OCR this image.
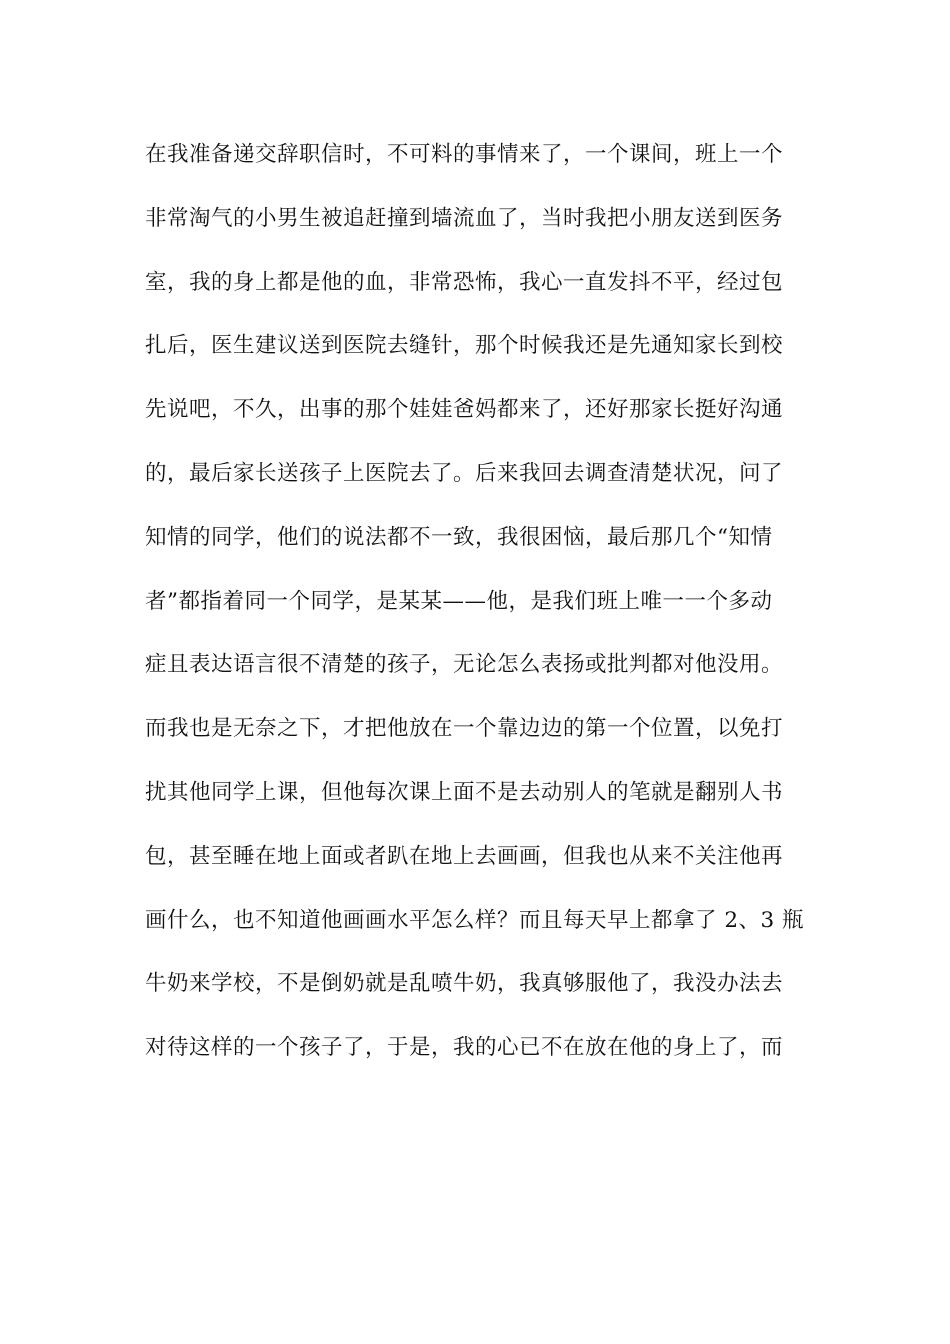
在我准备递交辞职信时，不可料的事情来了，一个课间，班上一个
非常淘气的小男生被追赶撞到墙流血了，当时我把小朋友送到医务
室，我的身上都是他的血，非常恐怖，我心一直发抖不平，经过包
扎后，医生建议送到医院去缝针，那个时候我还是先通知家长到校
先说吧，不久，出事的那个娃娃爸妈都来了，还好那家长挺好沟通
的，最后家长送孩子上医院去了。后来我回去调查清楚状况，问了
知情的同学，他们的说法都不一致，我很困恼，最后那几个“知情
者”都指着同一个同学，是某某——他，是我们班上唯一一个多动
症且表达语言很不清楚的孩子，无论怎么表扬或批判都对他没用。
而我也是无奈之下，才把他放在一个靠边边的第一个位置，以免打
扰其他同学上课，但他每次课上面不是去动别人的笔就是翻别人书
包，甚至睡在地上面或者趴在地上去画画，但我也从来不关注他再
画什么，也不知道他画画水平怎么样？而且每天早上都拿了 2、3 瓶
牛奶来学校，不是倒奶就是乱喷牛奶，我真够服他了，我没办法去
对待这样的一个孩子了，于是，我的心已不在放在他的身上了，而
